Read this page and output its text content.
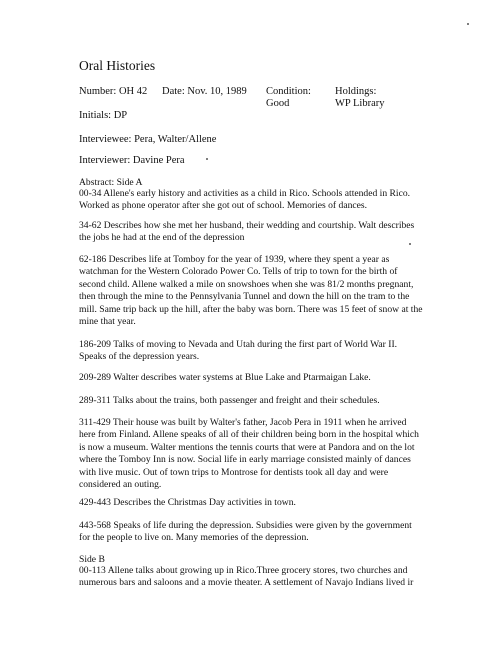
Oral Histories
Number: OH 42 Date: Nov. 10, 1989 Condition:
Good
Holdings:
WP Library
Initials: DP
Interviewee: Pera, Walter/Allene
Interviewer: Davine Pera
Abstract: Side A
00-34 Allene's early history and activities as a child in Rico. Schools attended in Rico.
Worked as phone operator after she got out of school. Memories of dances.
34-62 Describes how she met her husband, their wedding and courtship. Walt describes
the jobs he had at the end of the depression
62-186 Describes life at Tomboy for the year of 1939, where they spent a year as
watchman for the Western Colorado Power Co. Tells of trip to town for the birth of
second child. Allene walked a mile on snowshoes when she was 81/2 months pregnant,
then through the mine to the Pennsylvania Tunnel and down the hill on the tram to the
mill. Same trip back up the hill, after the baby was born. There was 15 feet of snow at the
mine that year.
186-209 Talks of moving to Nevada and Utah during the first part of World War II.
Speaks of the depression years.
209-289 Walter describes water systems at Blue Lake and Ptarmaigan Lake.
289-311 Talks about the trains, both passenger and freight and their schedules.
311-429 Their house was built by Walter's father, Jacob Pera in 1911 when he arrived
here from Finland. Allene speaks of all of their children being born in the hospital which
is now a museum. Walter mentions the tennis courts that were at Pandora and on the lot
where the Tomboy Inn is now. Social life in early marriage consisted mainly of dances
with live music. Out of town trips to Montrose for dentists took all day and were
considered an outing.
429-443 Describes the Christmas Day activities in town.
443-568 Speaks of life during the depression. Subsidies were given by the government
for the people to live on. Many memories of the depression.
Side B
00-113 Allene talks about growing up in Rico.Three grocery stores, two churches and
numerous bars and saloons and a movie theater. A settlement of Navajo Indians lived ir
